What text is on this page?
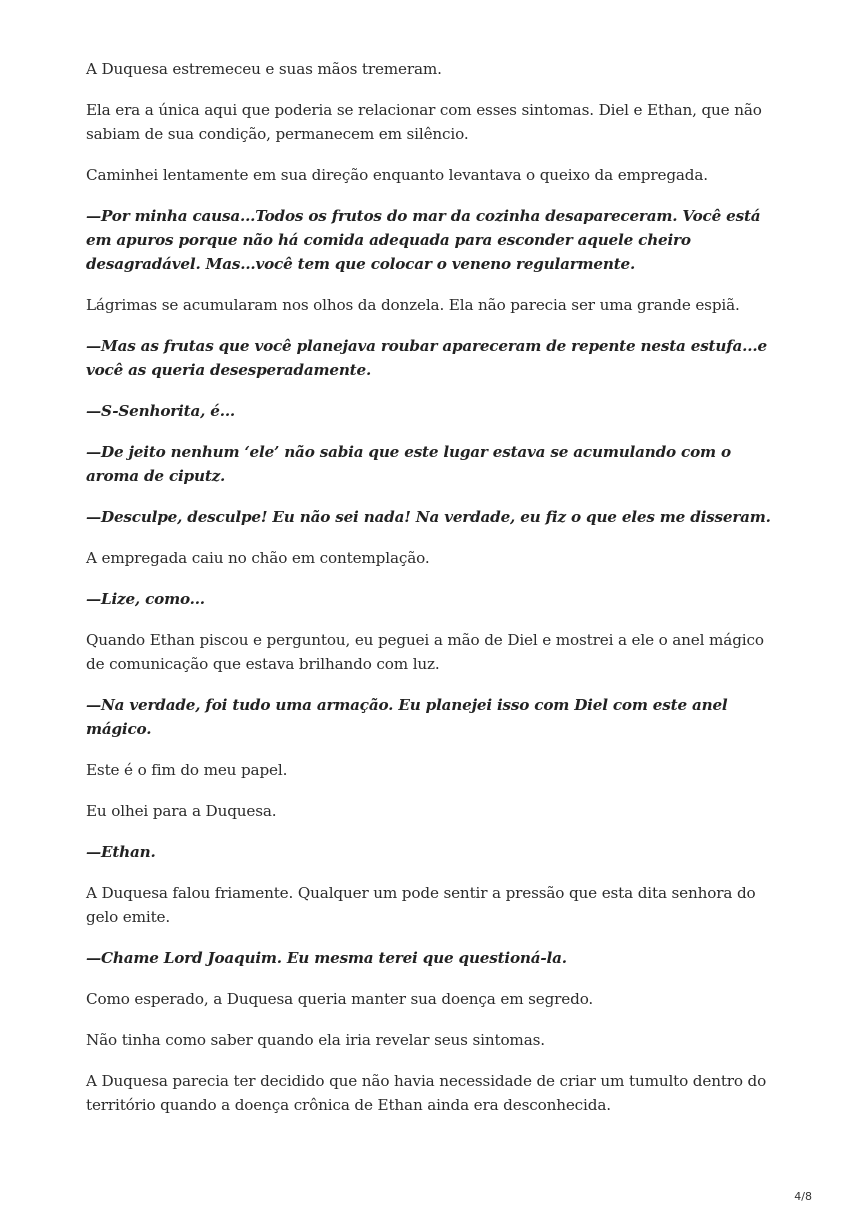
A Duquesa estremeceu e suas mãos tremeram.

Ela era a única aqui que poderia se relacionar com esses sintomas. Diel e Ethan, que não sabiam de sua condição, permanecem em silêncio.

Caminhei lentamente em sua direção enquanto levantava o queixo da empregada.

—Por minha causa...Todos os frutos do mar da cozinha desapareceram. Você está em apuros porque não há comida adequada para esconder aquele cheiro desagradável. Mas...você tem que colocar o veneno regularmente.

Lágrimas se acumularam nos olhos da donzela. Ela não parecia ser uma grande espiã.

—Mas as frutas que você planejava roubar apareceram de repente nesta estufa...e você as queria desesperadamente.

—S-Senhorita, é...

—De jeito nenhum ‘ele’ não sabia que este lugar estava se acumulando com o aroma de ciputz.

—Desculpe, desculpe! Eu não sei nada! Na verdade, eu fiz o que eles me disseram.

A empregada caiu no chão em contemplação.

—Lize, como...

Quando Ethan piscou e perguntou, eu peguei a mão de Diel e mostrei a ele o anel mágico de comunicação que estava brilhando com luz.

—Na verdade, foi tudo uma armação. Eu planejei isso com Diel com este anel mágico.

Este é o fim do meu papel.

Eu olhei para a Duquesa.

—Ethan.

A Duquesa falou friamente. Qualquer um pode sentir a pressão que esta dita senhora do gelo emite.

—Chame Lord Joaquim. Eu mesma terei que questioná-la.

Como esperado, a Duquesa queria manter sua doença em segredo.

Não tinha como saber quando ela iria revelar seus sintomas.

A Duquesa parecia ter decidido que não havia necessidade de criar um tumulto dentro do território quando a doença crônica de Ethan ainda era desconhecida.

4/8
